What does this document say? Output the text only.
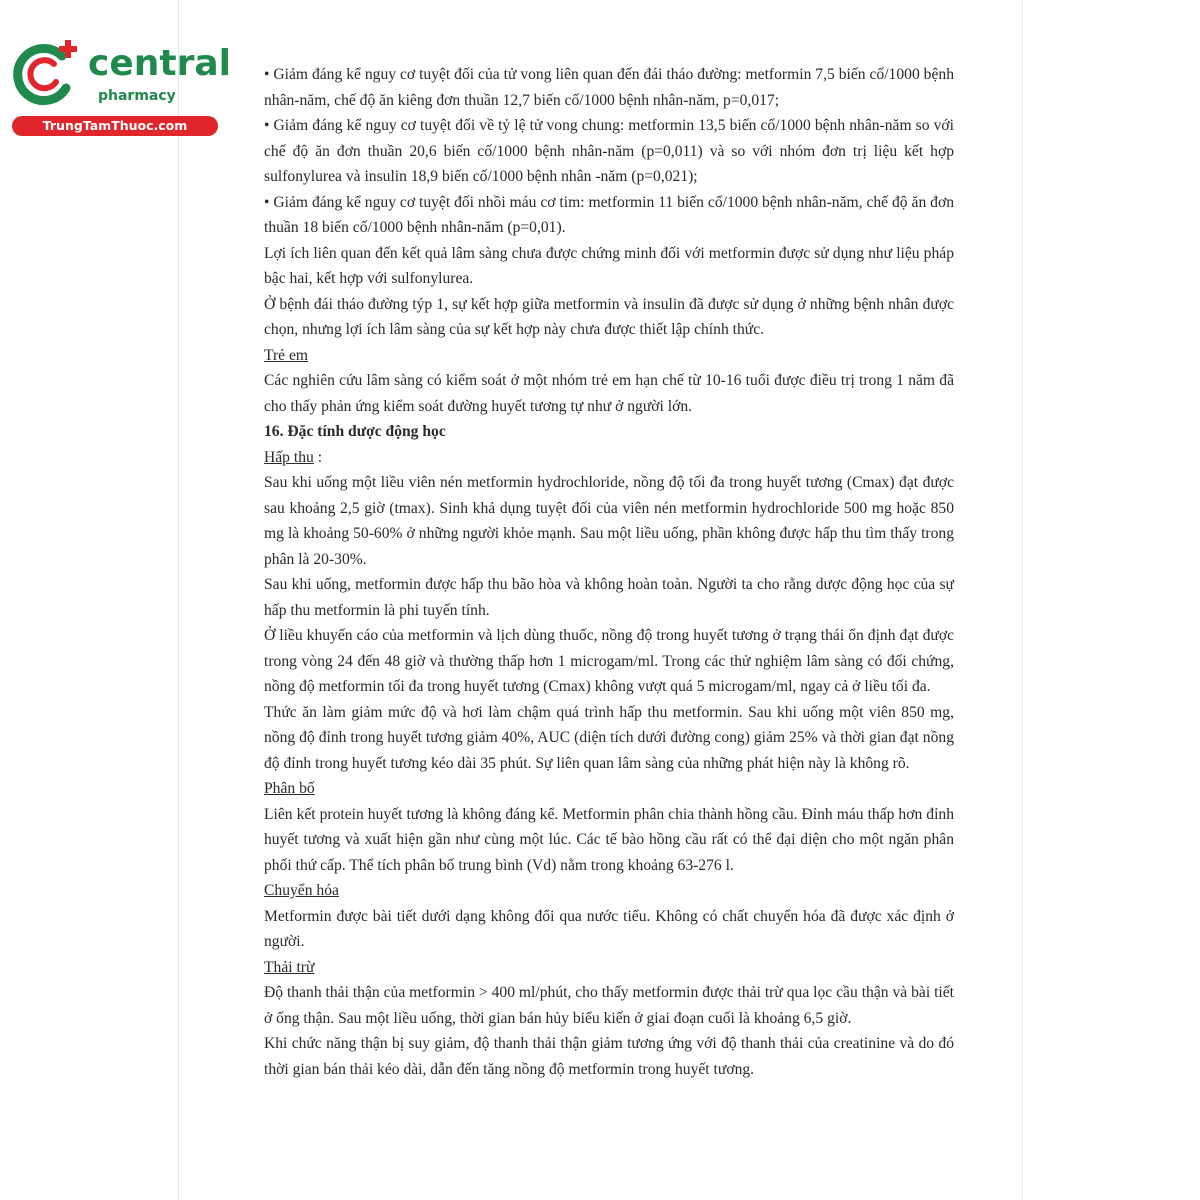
central
pharmacy
TrungTamThuoc.com

• Giảm đáng kể nguy cơ tuyệt đối của tử vong liên quan đến đái tháo đường: metformin 7,5 biến cố/1000 bệnh nhân-năm, chế độ ăn kiêng đơn thuần 12,7 biến cố/1000 bệnh nhân-năm, p=0,017;

• Giảm đáng kể nguy cơ tuyệt đối về tỷ lệ tử vong chung: metformin 13,5 biến cố/1000 bệnh nhân-năm so với chế độ ăn đơn thuần 20,6 biến cố/1000 bệnh nhân-năm (p=0,011) và so với nhóm đơn trị liệu kết hợp sulfonylurea và insulin 18,9 biến cố/1000 bệnh nhân -năm (p=0,021);

• Giảm đáng kể nguy cơ tuyệt đối nhồi máu cơ tim: metformin 11 biến cố/1000 bệnh nhân-năm, chế độ ăn đơn thuần 18 biến cố/1000 bệnh nhân-năm (p=0,01).

Lợi ích liên quan đến kết quả lâm sàng chưa được chứng minh đối với metformin được sử dụng như liệu pháp bậc hai, kết hợp với sulfonylurea.

Ở bệnh đái tháo đường týp 1, sự kết hợp giữa metformin và insulin đã được sử dụng ở những bệnh nhân được chọn, nhưng lợi ích lâm sàng của sự kết hợp này chưa được thiết lập chính thức.

Trẻ em

Các nghiên cứu lâm sàng có kiểm soát ở một nhóm trẻ em hạn chế từ 10-16 tuổi được điều trị trong 1 năm đã cho thấy phản ứng kiểm soát đường huyết tương tự như ở người lớn.

16. Đặc tính dược động học

Hấp thu :

Sau khi uống một liều viên nén metformin hydrochloride, nồng độ tối đa trong huyết tương (Cmax) đạt được sau khoảng 2,5 giờ (tmax). Sinh khả dụng tuyệt đối của viên nén metformin hydrochloride 500 mg hoặc 850 mg là khoảng 50-60% ở những người khỏe mạnh. Sau một liều uống, phần không được hấp thu tìm thấy trong phân là 20-30%.

Sau khi uống, metformin được hấp thu bão hòa và không hoàn toàn. Người ta cho rằng dược động học của sự hấp thu metformin là phi tuyến tính.

Ở liều khuyến cáo của metformin và lịch dùng thuốc, nồng độ trong huyết tương ở trạng thái ổn định đạt được trong vòng 24 đến 48 giờ và thường thấp hơn 1 microgam/ml. Trong các thử nghiệm lâm sàng có đối chứng, nồng độ metformin tối đa trong huyết tương (Cmax) không vượt quá 5 microgam/ml, ngay cả ở liều tối đa.

Thức ăn làm giảm mức độ và hơi làm chậm quá trình hấp thu metformin. Sau khi uống một viên 850 mg, nồng độ đỉnh trong huyết tương giảm 40%, AUC (diện tích dưới đường cong) giảm 25% và thời gian đạt nồng độ đỉnh trong huyết tương kéo dài 35 phút. Sự liên quan lâm sàng của những phát hiện này là không rõ.

Phân bố

Liên kết protein huyết tương là không đáng kể. Metformin phân chia thành hồng cầu. Đỉnh máu thấp hơn đỉnh huyết tương và xuất hiện gần như cùng một lúc. Các tế bào hồng cầu rất có thể đại diện cho một ngăn phân phối thứ cấp. Thể tích phân bố trung bình (Vd) nằm trong khoảng 63-276 l.

Chuyển hóa

Metformin được bài tiết dưới dạng không đổi qua nước tiểu. Không có chất chuyển hóa đã được xác định ở người.

Thải trừ

Độ thanh thải thận của metformin > 400 ml/phút, cho thấy metformin được thải trừ qua lọc cầu thận và bài tiết ở ống thận. Sau một liều uống, thời gian bán hủy biểu kiến ở giai đoạn cuối là khoảng 6,5 giờ.

Khi chức năng thận bị suy giảm, độ thanh thải thận giảm tương ứng với độ thanh thải của creatinine và do đó thời gian bán thải kéo dài, dẫn đến tăng nồng độ metformin trong huyết tương.
